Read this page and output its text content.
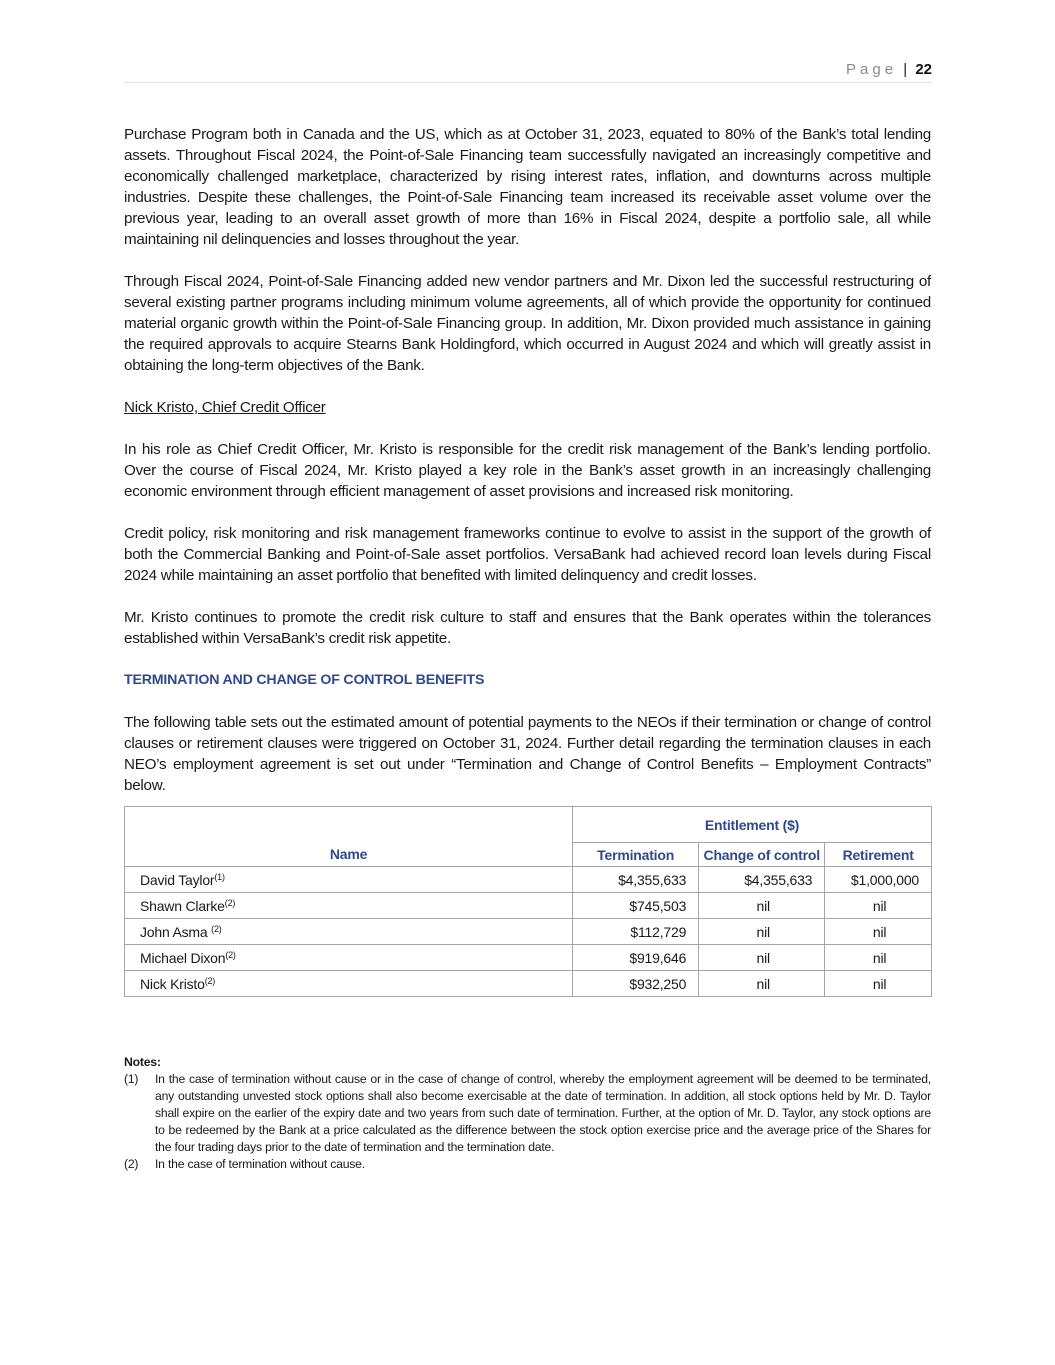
Page | 22

Purchase Program both in Canada and the US, which as at October 31, 2023, equated to 80% of the Bank’s total lending assets. Throughout Fiscal 2024, the Point-of-Sale Financing team successfully navigated an increasingly competitive and economically challenged marketplace, characterized by rising interest rates, inflation, and downturns across multiple industries. Despite these challenges, the Point-of-Sale Financing team increased its receivable asset volume over the previous year, leading to an overall asset growth of more than 16% in Fiscal 2024, despite a portfolio sale, all while maintaining nil delinquencies and losses throughout the year.

Through Fiscal 2024, Point-of-Sale Financing added new vendor partners and Mr. Dixon led the successful restructuring of several existing partner programs including minimum volume agreements, all of which provide the opportunity for continued material organic growth within the Point-of-Sale Financing group. In addition, Mr. Dixon provided much assistance in gaining the required approvals to acquire Stearns Bank Holdingford, which occurred in August 2024 and which will greatly assist in obtaining the long-term objectives of the Bank.

Nick Kristo, Chief Credit Officer

In his role as Chief Credit Officer, Mr. Kristo is responsible for the credit risk management of the Bank’s lending portfolio. Over the course of Fiscal 2024, Mr. Kristo played a key role in the Bank’s asset growth in an increasingly challenging economic environment through efficient management of asset provisions and increased risk monitoring.

Credit policy, risk monitoring and risk management frameworks continue to evolve to assist in the support of the growth of both the Commercial Banking and Point-of-Sale asset portfolios. VersaBank had achieved record loan levels during Fiscal 2024 while maintaining an asset portfolio that benefited with limited delinquency and credit losses.

Mr. Kristo continues to promote the credit risk culture to staff and ensures that the Bank operates within the tolerances established within VersaBank’s credit risk appetite.

TERMINATION AND CHANGE OF CONTROL BENEFITS

The following table sets out the estimated amount of potential payments to the NEOs if their termination or change of control clauses or retirement clauses were triggered on October 31, 2024. Further detail regarding the termination clauses in each NEO’s employment agreement is set out under “Termination and Change of Control Benefits – Employment Contracts” below.

Name	Entitlement ($)		
	Termination	Change of control	Retirement
David Taylor$^{(1)}$	$4,355,633	$4,355,633	$1,000,000
Shawn Clarke$^{(2)}$	$745,503	nil	nil
John Asma $^{(2)}$	$112,729	nil	nil
Michael Dixon$^{(2)}$	$919,646	nil	nil
Nick Kristo$^{(2)}$	$932,250	nil	nil
Notes:
(1)	In the case of termination without cause or in the case of change of control, whereby the employment agreement will be deemed to be terminated, any outstanding unvested stock options shall also become exercisable at the date of termination. In addition, all stock options held by Mr. D. Taylor shall expire on the earlier of the expiry date and two years from such date of termination. Further, at the option of Mr. D. Taylor, any stock options are to be redeemed by the Bank at a price calculated as the difference between the stock option exercise price and the average price of the Shares for the four trading days prior to the date of termination and the termination date.
(2)	In the case of termination without cause.
